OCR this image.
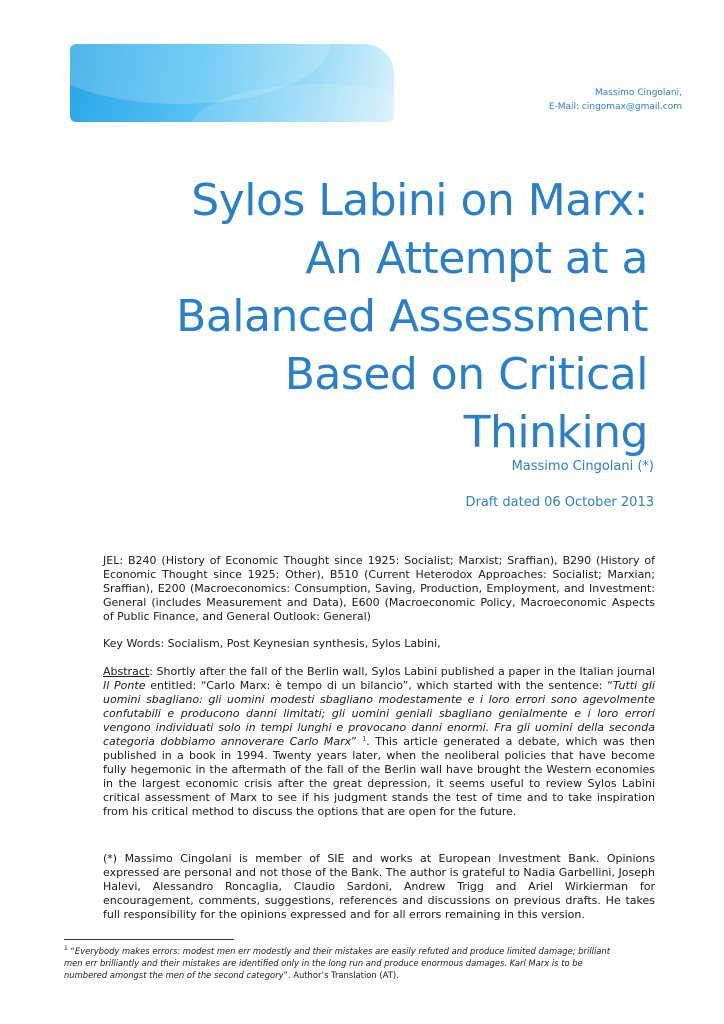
Massimo Cingolani,
E-Mail: cingomax@gmail.com
Sylos Labini on Marx:
An Attempt at a
Balanced Assessment
Based on Critical
Thinking
Massimo Cingolani (*)
Draft dated 06 October 2013

JEL: B240 (History of Economic Thought since 1925: Socialist; Marxist; Sraffian), B290 (History of Economic Thought since 1925: Other), B510 (Current Heterodox Approaches: Socialist; Marxian; Sraffian), E200 (Macroeconomics: Consumption, Saving, Production, Employment, and Investment: General (includes Measurement and Data), E600 (Macroeconomic Policy, Macroeconomic Aspects of Public Finance, and General Outlook: General)

Key Words: Socialism, Post Keynesian synthesis, Sylos Labini,

Abstract: Shortly after the fall of the Berlin wall, Sylos Labini published a paper in the Italian journal Il Ponte entitled: “Carlo Marx: è tempo di un bilancio”, which started with the sentence: “Tutti gli uomini sbagliano: gli uomini modesti sbagliano modestamente e i loro errori sono agevolmente confutabili e producono danni limitati; gli uomini geniali sbagliano genialmente e i loro errori vengono individuati solo in tempi lunghi e provocano danni enormi. Fra gli uomini della seconda categoria dobbiamo annoverare Carlo Marx” $^1$. This article generated a debate, which was then published in a book in 1994. Twenty years later, when the neoliberal policies that have become fully hegemonic in the aftermath of the fall of the Berlin wall have brought the Western economies in the largest economic crisis after the great depression, it seems useful to review Sylos Labini critical assessment of Marx to see if his judgment stands the test of time and to take inspiration from his critical method to discuss the options that are open for the future.

(*) Massimo Cingolani is member of SIE and works at European Investment Bank. Opinions expressed are personal and not those of the Bank. The author is grateful to Nadia Garbellini, Joseph Halevi, Alessandro Roncaglia, Claudio Sardoni, Andrew Trigg and Ariel Wirkierman for encouragement, comments, suggestions, references and discussions on previous drafts. He takes full responsibility for the opinions expressed and for all errors remaining in this version.

$^1$ “Everybody makes errors: modest men err modestly and their mistakes are easily refuted and produce limited damage; brilliant men err brilliantly and their mistakes are identified only in the long run and produce enormous damages. Karl Marx is to be numbered amongst the men of the second category”. Author’s Translation (AT).
